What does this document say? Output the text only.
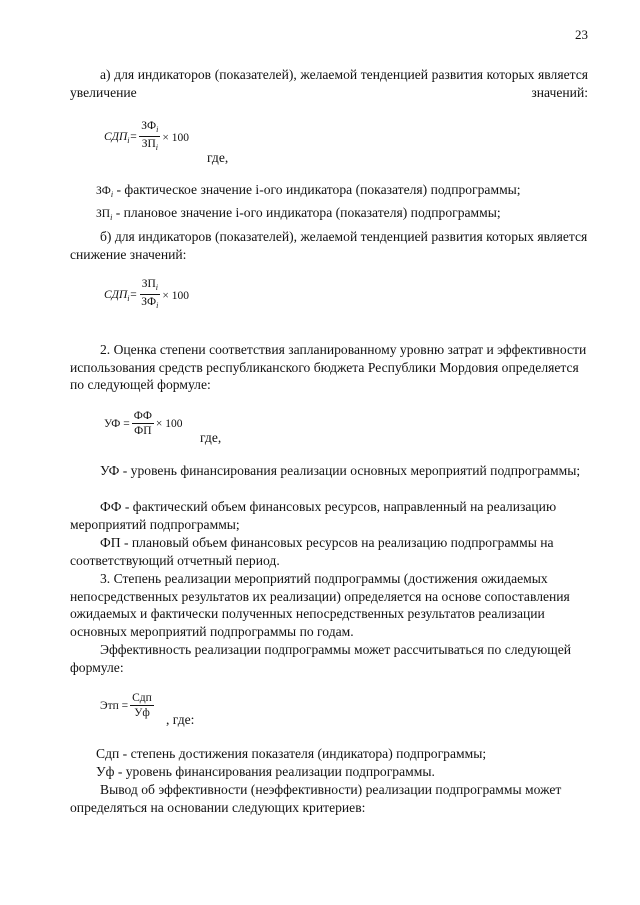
23
а) для индикаторов (показателей), желаемой тенденцией развития которых является увеличение значений:
$СДП_i= \frac{ЗФ_i}{ЗП_i} \times 100$
где,
$ЗФ_i$ - фактическое значение i-ого индикатора (показателя) подпрограммы;
$ЗП_i$ - плановое значение i-ого индикатора (показателя) подпрограммы;
б) для индикаторов (показателей), желаемой тенденцией развития которых является снижение значений:
$СДП_i= \frac{ЗП_i}{ЗФ_i} \times 100$
2. Оценка степени соответствия запланированному уровню затрат и эффективности использования средств республиканского бюджета Республики Мордовия определяется по следующей формуле:
УФ = $\frac{ФФ}{ФП} \times 100$
где,
УФ - уровень финансирования реализации основных мероприятий подпрограммы;
ФФ - фактический объем финансовых ресурсов, направленный на реализацию мероприятий подпрограммы;
ФП - плановый объем финансовых ресурсов на реализацию подпрограммы на соответствующий отчетный период.
3. Степень реализации мероприятий подпрограммы (достижения ожидаемых непосредственных результатов их реализации) определяется на основе сопоставления ожидаемых и фактически полученных непосредственных результатов реализации основных мероприятий подпрограммы по годам.
Эффективность реализации подпрограммы может рассчитываться по следующей формуле:
Этп = $\frac{\text{Сдп}}{Уф}$ , где:
Сдп - степень достижения показателя (индикатора) подпрограммы;
Уф - уровень финансирования реализации подпрограммы.
Вывод об эффективности (неэффективности) реализации подпрограммы может определяться на основании следующих критериев:
